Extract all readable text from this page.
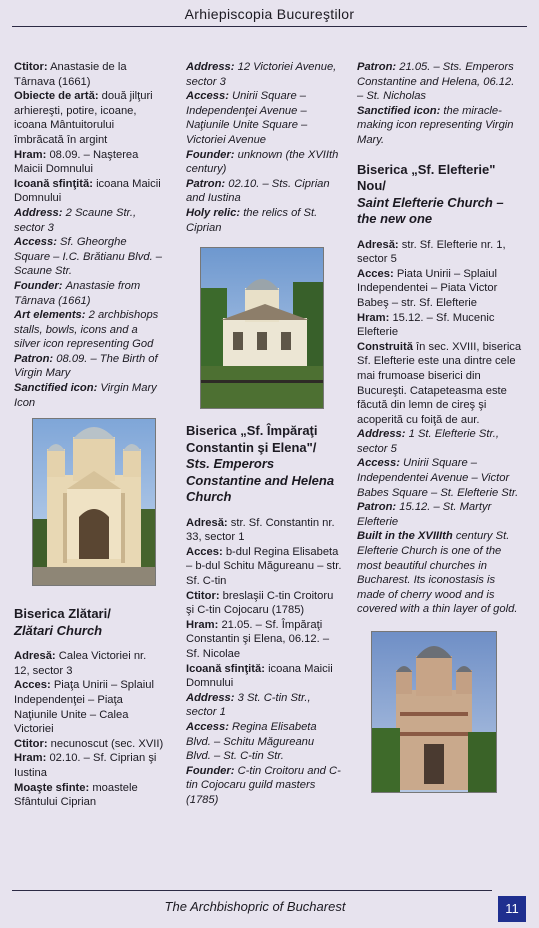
Arhiepiscopia Bucureştilor

Ctitor: Anastasie de la Târnava (1661)

Obiecte de artă: două jilţuri arhiereşti, potire, icoane, icoana Mântuitorului îmbrăcată în argint

Hram: 08.09. – Naşterea Maicii Domnului

Icoană sfinţită: icoana Maicii Domnului

Address: 2 Scaune Str., sector 3

Access: Sf. Gheorghe Square – I.C. Brătianu Blvd. – Scaune Str.

Founder: Anastasie from Târnava (1661)

Art elements: 2 archbishops stalls, bowls, icons and a silver icon representing God

Patron: 08.09. – The Birth of Virgin Mary

Sanctified icon: Virgin Mary Icon

Biserica Zlătari/

Zlătari Church

Adresă: Calea Victoriei nr. 12, sector 3

Acces: Piaţa Unirii – Splaiul Independenţei – Piaţa Naţiunile Unite – Calea Victoriei

Ctitor: necunoscut (sec. XVII)

Hram: 02.10. – Sf. Ciprian şi Iustina

Moaşte sfinte: moastele Sfântului Ciprian

Address: 12 Victoriei Avenue, sector 3

Access: Unirii Square – Independenţei Avenue – Naţiunile Unite Square – Victoriei Avenue

Founder: unknown (the XVIIth century)

Patron: 02.10. – Sts. Ciprian and Iustina

Holy relic: the relics of St. Ciprian

Biserica „Sf. Împăraţi Constantin şi Elena"/

Sts. Emperors Constantine and Helena Church

Adresă: str. Sf. Constantin nr. 33, sector 1

Acces: b-dul Regina Elisabeta – b-dul Schitu Măgureanu – str. Sf. C-tin

Ctitor: breslaşii C-tin Croitoru şi C-tin Cojocaru (1785)

Hram: 21.05. – Sf. Împăraţi Constantin şi Elena, 06.12. – Sf. Nicolae

Icoană sfinţită: icoana Maicii Domnului

Address: 3 St. C-tin Str., sector 1

Access: Regina Elisabeta Blvd. – Schitu Măgureanu Blvd. – St. C-tin Str.

Founder: C-tin Croitoru and C-tin Cojocaru guild masters (1785)

Patron: 21.05. – Sts. Emperors Constantine and Helena, 06.12. – St. Nicholas

Sanctified icon: the miracle-making icon representing Virgin Mary.

Biserica „Sf. Elefterie" Nou/

Saint Elefterie Church – the new one

Adresă: str. Sf. Elefterie nr. 1, sector 5

Acces: Piata Unirii – Splaiul Independentei – Piata Victor Babeş – str. Sf. Elefterie

Hram: 15.12. – Sf. Mucenic Elefterie

Construită în sec. XVIII, biserica Sf. Elefterie este una dintre cele mai frumoase biserici din Bucureşti. Catapeteasma este făcută din lemn de cireş şi acoperită cu foiţă de aur.

Address: 1 St. Elefterie Str., sector 5

Access: Unirii Square – Independentei Avenue – Victor Babes Square – St. Elefterie Str.

Patron: 15.12. – St. Martyr Elefterie

Built in the XVIIIth century St. Elefterie Church is one of the most beautiful churches in Bucharest. Its iconostasis is made of cherry wood and is covered with a thin layer of gold.

The Archbishopric of Bucharest	11
